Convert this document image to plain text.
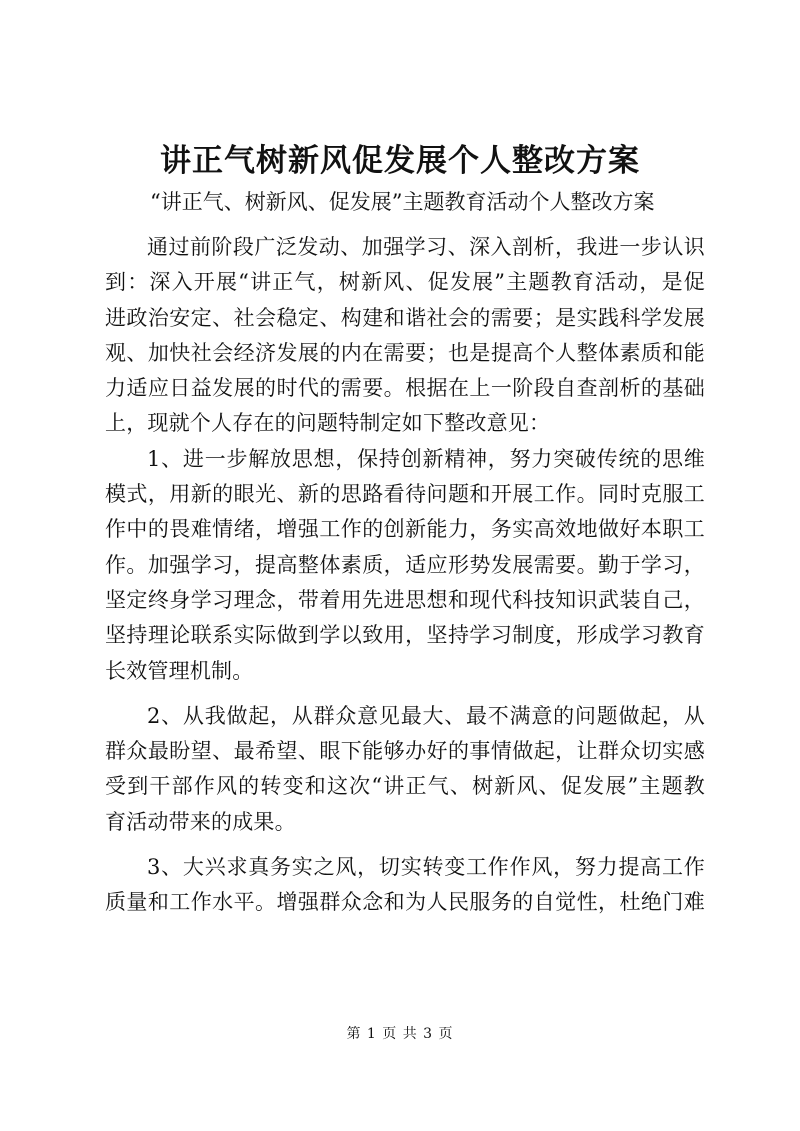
讲正气树新风促发展个人整改方案
“讲正气、树新风、促发展”主题教育活动个人整改方案

通过前阶段广泛发动、加强学习、深入剖析，我进一步认识
到：深入开展“讲正气，树新风、促发展”主题教育活动，是促
进政治安定、社会稳定、构建和谐社会的需要；是实践科学发展
观、加快社会经济发展的内在需要；也是提高个人整体素质和能
力适应日益发展的时代的需要。根据在上一阶段自查剖析的基础
上，现就个人存在的问题特制定如下整改意见：

1、进一步解放思想，保持创新精神，努力突破传统的思维
模式，用新的眼光、新的思路看待问题和开展工作。同时克服工
作中的畏难情绪，增强工作的创新能力，务实高效地做好本职工
作。加强学习，提高整体素质，适应形势发展需要。勤于学习，
坚定终身学习理念，带着用先进思想和现代科技知识武装自己，
坚持理论联系实际做到学以致用，坚持学习制度，形成学习教育
长效管理机制。

2、从我做起，从群众意见最大、最不满意的问题做起，从
群众最盼望、最希望、眼下能够办好的事情做起，让群众切实感
受到干部作风的转变和这次“讲正气、树新风、促发展”主题教
育活动带来的成果。

3、大兴求真务实之风，切实转变工作作风，努力提高工作
质量和工作水平。增强群众念和为人民服务的自觉性，杜绝门难

第 1 页 共 3 页
